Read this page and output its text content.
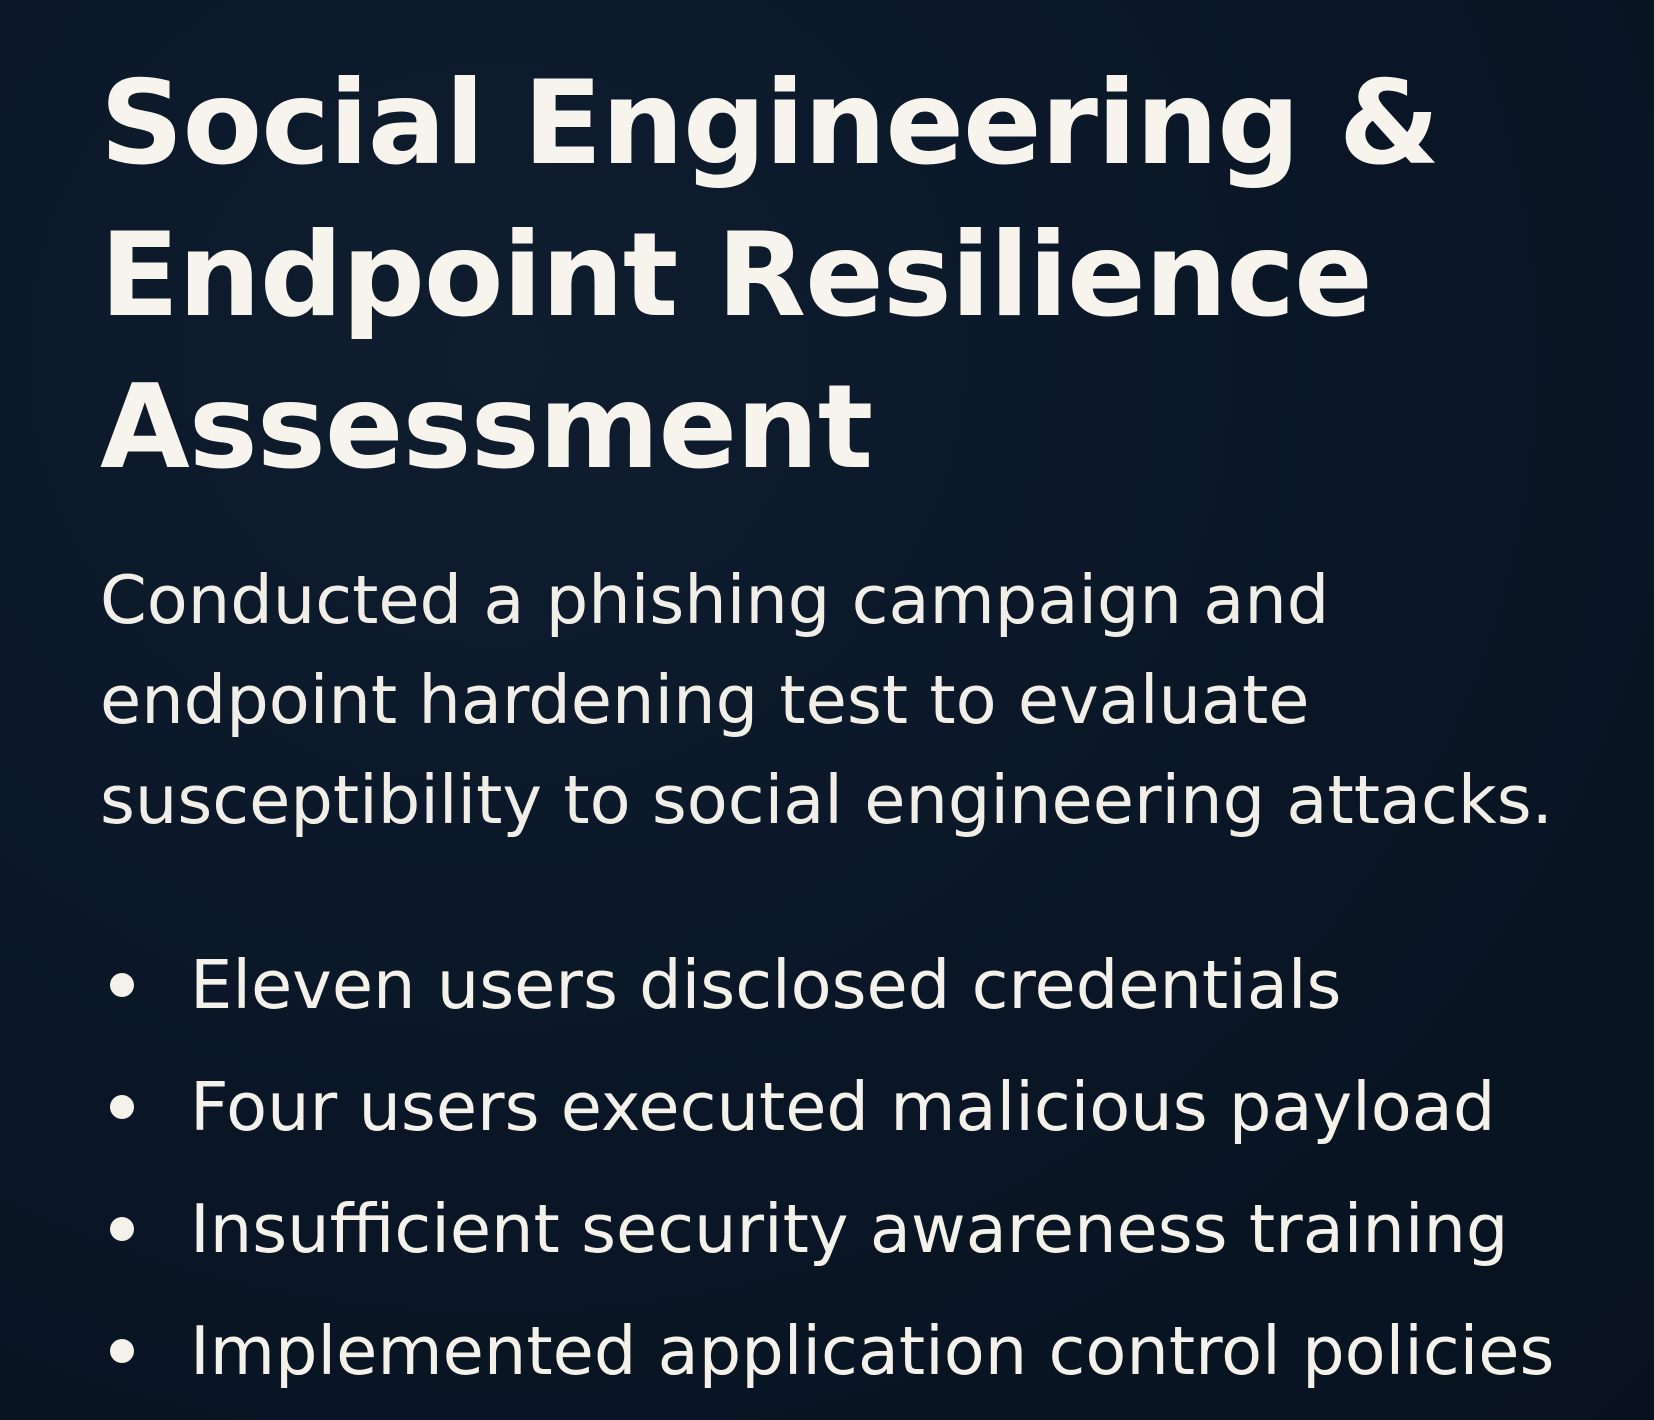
Social Engineering &
Endpoint Resilience
Assessment

Conducted a phishing campaign and
endpoint hardening test to evaluate
susceptibility to social engineering attacks.

Eleven users disclosed credentials
Four users executed malicious payload
Insufficient security awareness training
Implemented application control policies
